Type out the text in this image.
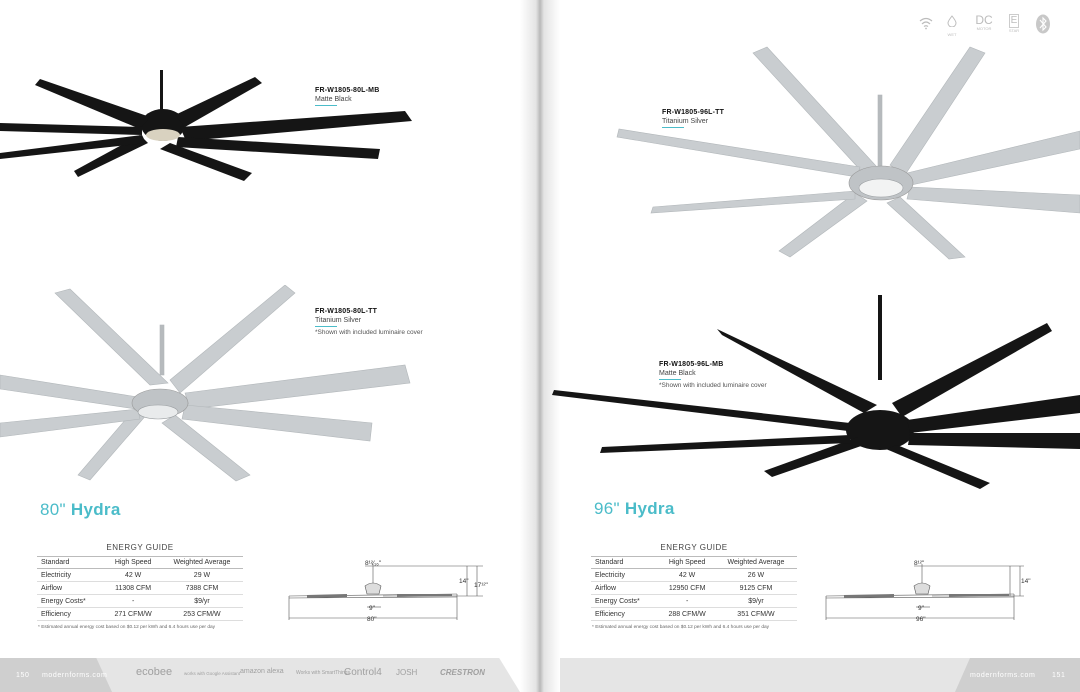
FR-W1805-80L-MB
Matte Black
FR-W1805-80L-TT
Titanium Silver
*Shown with included luminaire cover
80" Hydra
ENERGY GUIDE
Standard	High Speed	Weighted Average
Electricity	42 W	29 W
Airflow	11308 CFM	7388 CFM
Energy Costs*	-	$9/yr
Efficiency	271 CFM/W	253 CFM/W
* Estimated annual energy cost based on $0.12 per kWh and 6.4 hours use per day
8¹²⁄₁₆"
14"
17¹²"
9"
80"
WET
DC
MOTOR
E
STAR
FR-W1805-96L-TT
Titanium Silver
FR-W1805-96L-MB
Matte Black
*Shown with included luminaire cover
96" Hydra
ENERGY GUIDE
Standard	High Speed	Weighted Average
Electricity	42 W	26 W
Airflow	12950 CFM	9125 CFM
Energy Costs*	-	$9/yr
Efficiency	288 CFM/W	351 CFM/W
* Estimated annual energy cost based on $0.12 per kWh and 6.4 hours use per day
8¹²"
14"
9"
96"
150 modernforms.com	ecobee	works with Google Assistant amazon alexa Works with SmartThings
Control4 JOSH	CRESTRON	modernforms.com 151
